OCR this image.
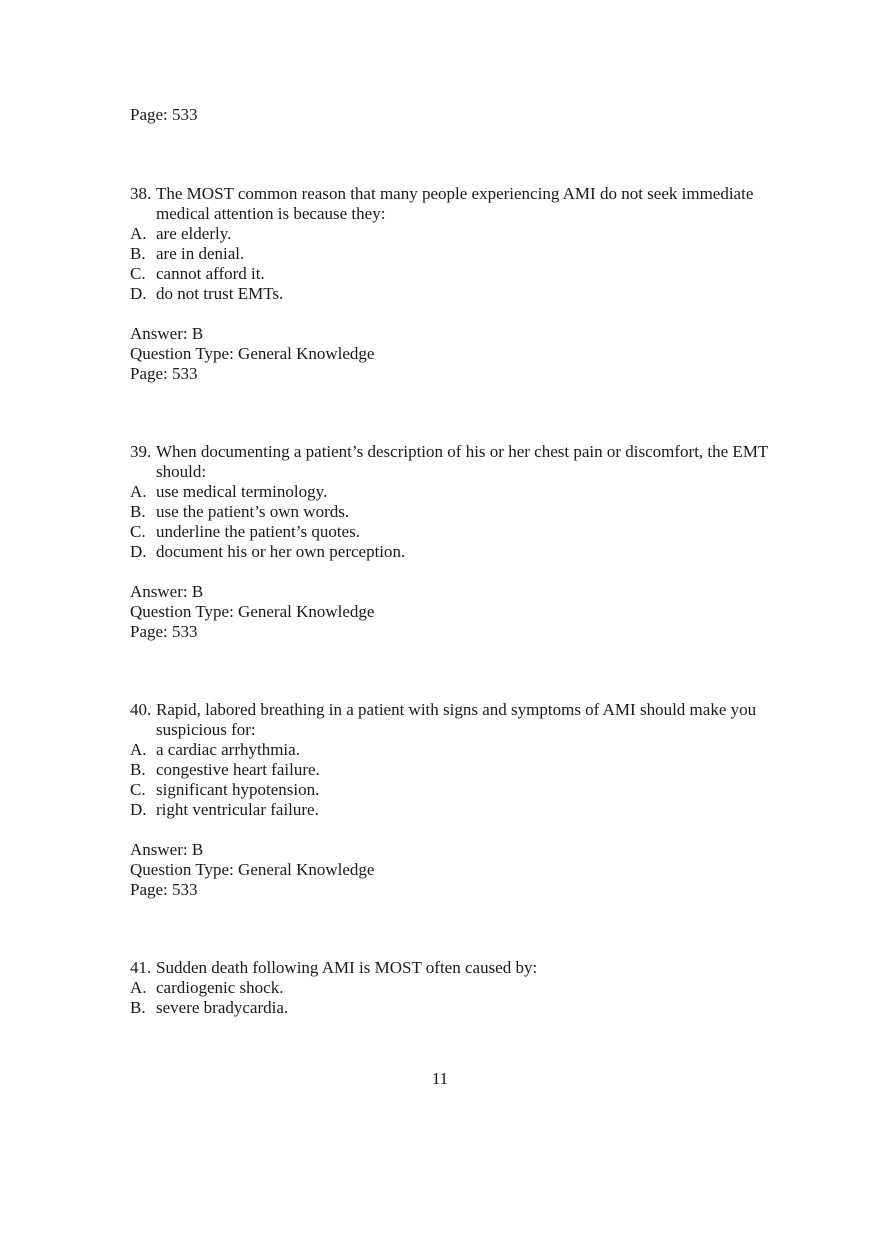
Page: 533
38. The MOST common reason that many people experiencing AMI do not seek immediate medical attention is because they:
A. are elderly.
B. are in denial.
C. cannot afford it.
D. do not trust EMTs.
Answer: B
Question Type: General Knowledge
Page: 533
39. When documenting a patient’s description of his or her chest pain or discomfort, the EMT should:
A. use medical terminology.
B. use the patient’s own words.
C. underline the patient’s quotes.
D. document his or her own perception.
Answer: B
Question Type: General Knowledge
Page: 533
40. Rapid, labored breathing in a patient with signs and symptoms of AMI should make you suspicious for:
A. a cardiac arrhythmia.
B. congestive heart failure.
C. significant hypotension.
D. right ventricular failure.
Answer: B
Question Type: General Knowledge
Page: 533
41. Sudden death following AMI is MOST often caused by:
A. cardiogenic shock.
B. severe bradycardia.
11
